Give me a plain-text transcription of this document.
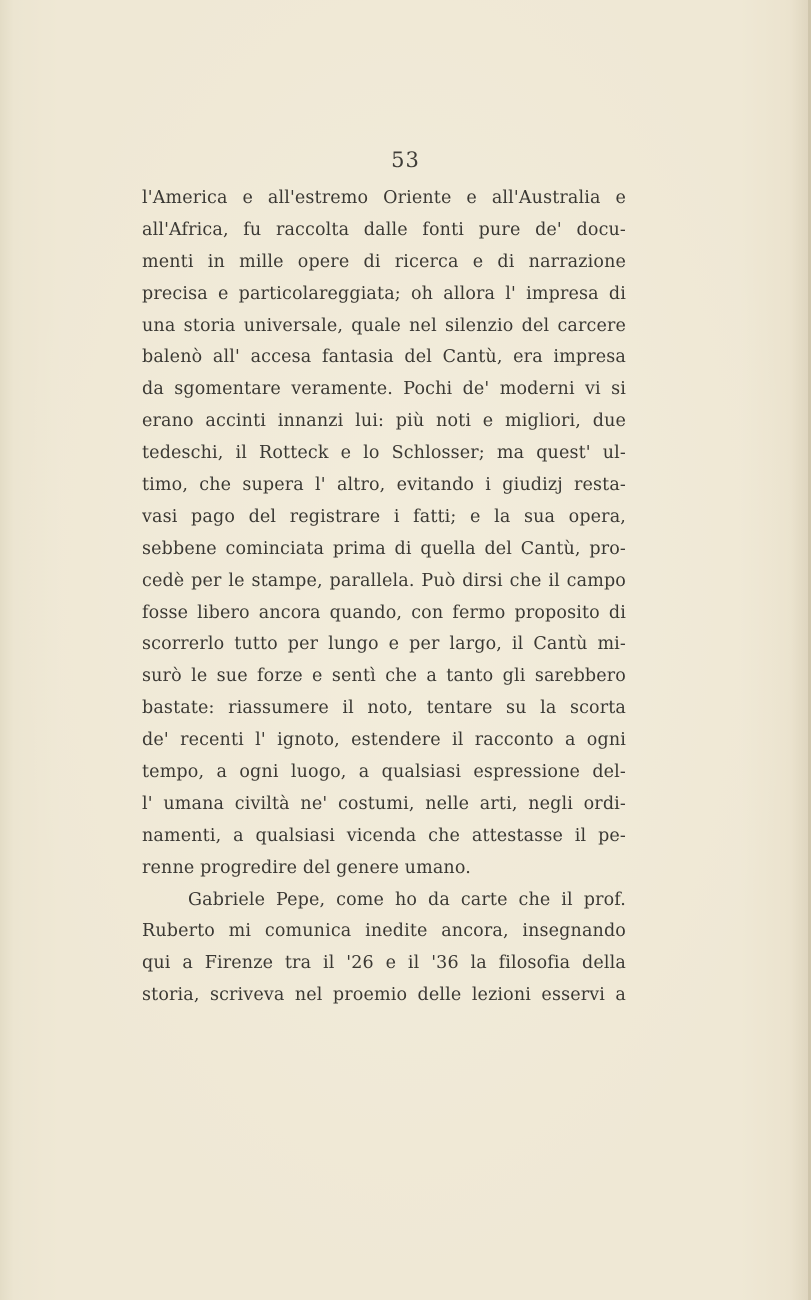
53
l'America e all'estremo Oriente e all'Australia e
all'Africa, fu raccolta dalle fonti pure de' docu-
menti in mille opere di ricerca e di narrazione
precisa e particolareggiata; oh allora l' impresa di
una storia universale, quale nel silenzio del carcere
balenò all' accesa fantasia del Cantù, era impresa
da sgomentare veramente. Pochi de' moderni vi si
erano accinti innanzi lui: più noti e migliori, due
tedeschi, il Rotteck e lo Schlosser; ma quest' ul-
timo, che supera l' altro, evitando i giudizj resta-
vasi pago del registrare i fatti; e la sua opera,
sebbene cominciata prima di quella del Cantù, pro-
cedè per le stampe, parallela. Può dirsi che il campo
fosse libero ancora quando, con fermo proposito di
scorrerlo tutto per lungo e per largo, il Cantù mi-
surò le sue forze e sentì che a tanto gli sarebbero
bastate: riassumere il noto, tentare su la scorta
de' recenti l' ignoto, estendere il racconto a ogni
tempo, a ogni luogo, a qualsiasi espressione del-
l' umana civiltà ne' costumi, nelle arti, negli ordi-
namenti, a qualsiasi vicenda che attestasse il pe-
renne progredire del genere umano.
Gabriele Pepe, come ho da carte che il prof.
Ruberto mi comunica inedite ancora, insegnando
qui a Firenze tra il '26 e il '36 la filosofia della
storia, scriveva nel proemio delle lezioni esservi a
